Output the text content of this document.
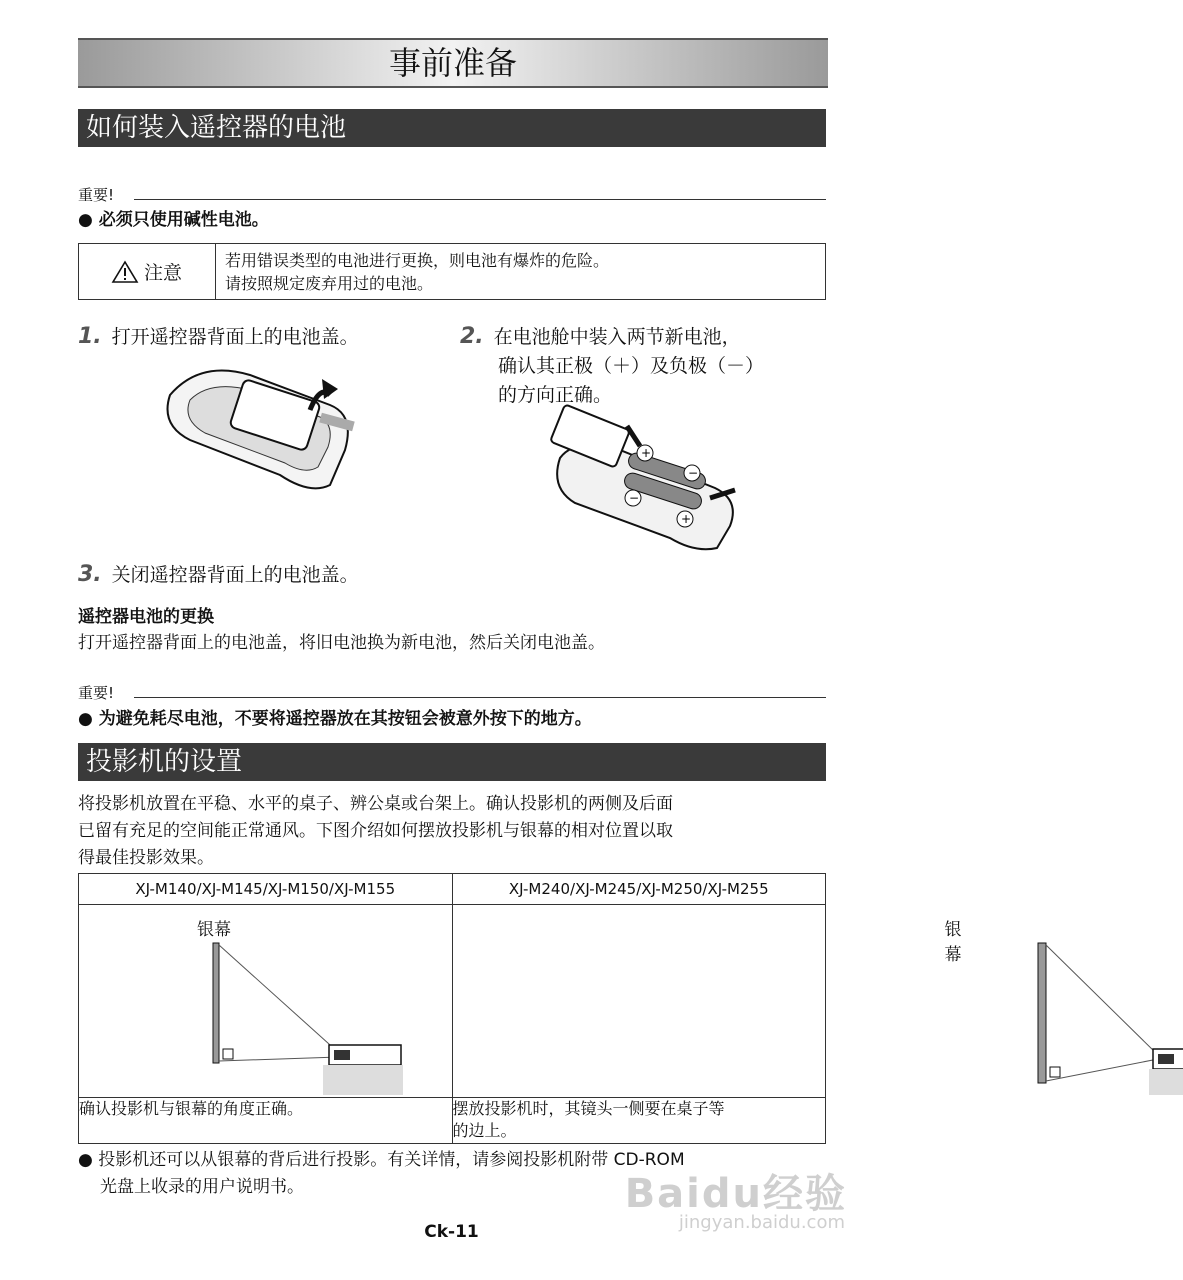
事前准备
如何装入遥控器的电池
重要!
● 必须只使用碱性电池。
注意
若用错误类型的电池进行更换，则电池有爆炸的危险。
请按照规定废弃用过的电池。
1. 打开遥控器背面上的电池盖。	2. 在电池舱中装入两节新电池，
确认其正极（＋）及负极（－）
的方向正确。
+
−
−
+
3. 关闭遥控器背面上的电池盖。
遥控器电池的更换
打开遥控器背面上的电池盖，将旧电池换为新电池，然后关闭电池盖。
重要!
● 为避免耗尽电池，不要将遥控器放在其按钮会被意外按下的地方。
投影机的设置
将投影机放置在平稳、水平的桌子、辨公桌或台架上。确认投影机的两侧及后面
已留有充足的空间能正常通风。下图介绍如何摆放投影机与银幕的相对位置以取
得最佳投影效果。
XJ-M140/XJ-M145/XJ-M150/XJ-M155	XJ-M240/XJ-M245/XJ-M250/XJ-M255

银幕	银幕

确认投影机与银幕的角度正确。	摆放投影机时，其镜头一侧要在桌子等
的边上。
● 投影机还可以从银幕的背后进行投影。有关详情，请参阅投影机附带 CD-ROM
光盘上收录的用户说明书。	Baidu经验
jingyan.baidu.com
Ck-11
